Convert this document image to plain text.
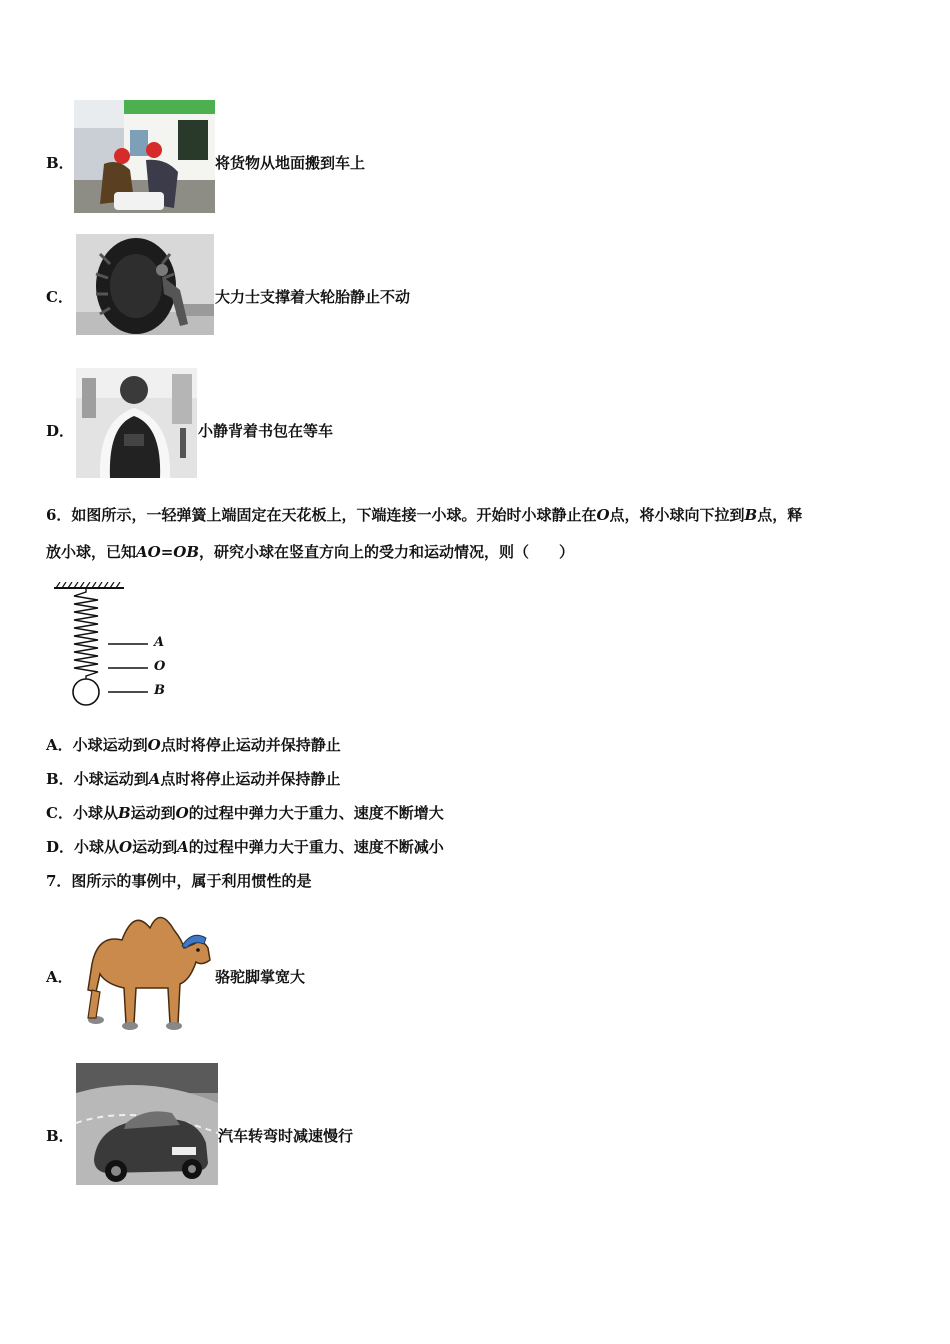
B．	将货物从地面搬到车上
C．	大力士支撑着大轮胎静止不动
D．	小静背着书包在等车
6．如图所示，一轻弹簧上端固定在天花板上，下端连接一小球。开始时小球静止在O点，将小球向下拉到B点，释
放小球，已知AO=OB，研究小球在竖直方向上的受力和运动情况，则（　　）
A
O
B
A．小球运动到O点时将停止运动并保持静止
B．小球运动到A点时将停止运动并保持静止
C．小球从B运动到O的过程中弹力大于重力、速度不断增大
D．小球从O运动到A的过程中弹力大于重力、速度不断减小
7．图所示的事例中，属于利用惯性的是
A．	骆驼脚掌宽大
B．	汽车转弯时减速慢行
